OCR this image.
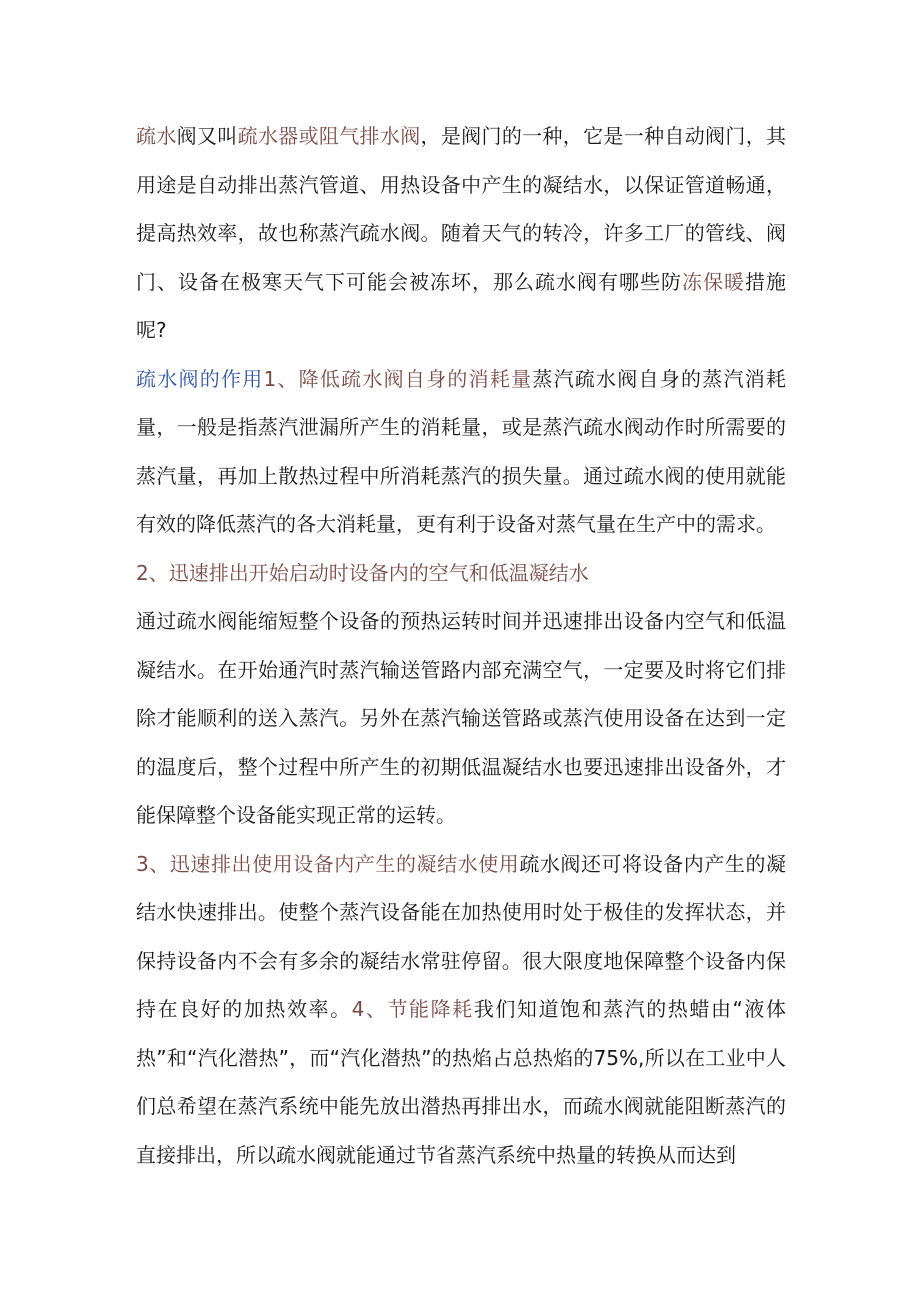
疏水阀又叫疏水器或阻气排水阀，是阀门的一种，它是一种自动阀门，其用途是自动排出蒸汽管道、用热设备中产生的凝结水，以保证管道畅通，提高热效率，故也称蒸汽疏水阀。随着天气的转冷，许多工厂的管线、阀门、设备在极寒天气下可能会被冻坏，那么疏水阀有哪些防冻保暖措施呢?

疏水阀的作用1、降低疏水阀自身的消耗量蒸汽疏水阀自身的蒸汽消耗量，一般是指蒸汽泄漏所产生的消耗量，或是蒸汽疏水阀动作时所需要的蒸汽量，再加上散热过程中所消耗蒸汽的损失量。通过疏水阀的使用就能有效的降低蒸汽的各大消耗量，更有利于设备对蒸气量在生产中的需求。

2、迅速排出开始启动时设备内的空气和低温凝结水

通过疏水阀能缩短整个设备的预热运转时间并迅速排出设备内空气和低温凝结水。在开始通汽时蒸汽输送管路内部充满空气，一定要及时将它们排除才能顺利的送入蒸汽。另外在蒸汽输送管路或蒸汽使用设备在达到一定的温度后，整个过程中所产生的初期低温凝结水也要迅速排出设备外，才能保障整个设备能实现正常的运转。

3、迅速排出使用设备内产生的凝结水使用疏水阀还可将设备内产生的凝结水快速排出。使整个蒸汽设备能在加热使用时处于极佳的发挥状态，并保持设备内不会有多余的凝结水常驻停留。很大限度地保障整个设备内保持在良好的加热效率。4、节能降耗我们知道饱和蒸汽的热蜡由“液体热”和“汽化潜热”，而“汽化潜热”的热焰占总热焰的75%,所以在工业中人们总希望在蒸汽系统中能先放出潜热再排出水，而疏水阀就能阻断蒸汽的直接排出，所以疏水阀就能通过节省蒸汽系统中热量的转换从而达到
